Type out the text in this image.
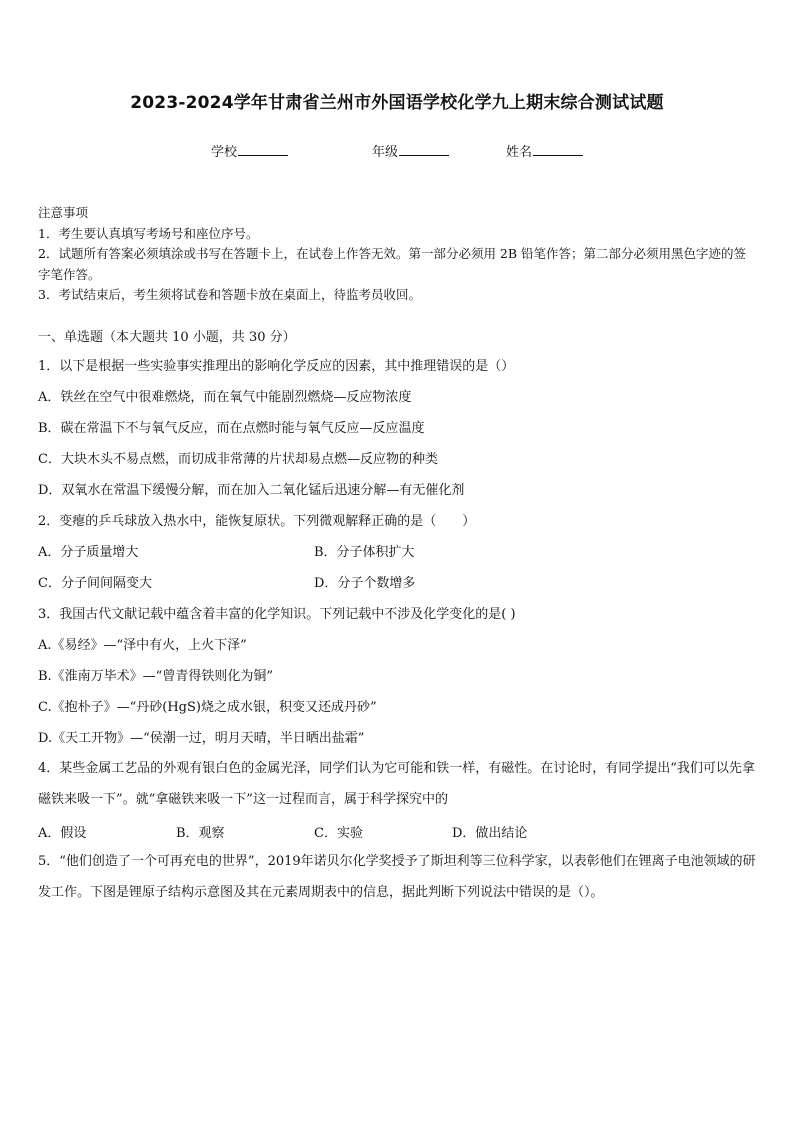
2023-2024学年甘肃省兰州市外国语学校化学九上期末综合测试试题
学校	年级	姓名
注意事项
1．考生要认真填写考场号和座位序号。
2．试题所有答案必须填涂或书写在答题卡上，在试卷上作答无效。第一部分必须用 2B 铅笔作答；第二部分必须用黑色字迹的签字笔作答。
3．考试结束后，考生须将试卷和答题卡放在桌面上，待监考员收回。
一、单选题（本大题共 10 小题，共 30 分）
1．以下是根据一些实验事实推理出的影响化学反应的因素，其中推理错误的是（）
A．铁丝在空气中很难燃烧，而在氧气中能剧烈燃烧—反应物浓度
B．碳在常温下不与氧气反应，而在点燃时能与氧气反应—反应温度
C．大块木头不易点燃，而切成非常薄的片状却易点燃—反应物的种类
D．双氧水在常温下缓慢分解，而在加入二氧化锰后迅速分解—有无催化剂
2．变瘪的乒乓球放入热水中，能恢复原状。下列微观解释正确的是（　　）
A．分子质量增大	B．分子体积扩大
C．分子间间隔变大	D．分子个数增多
3．我国古代文献记载中蕴含着丰富的化学知识。下列记载中不涉及化学变化的是( )
A.《易经》—“泽中有火，上火下泽”
B.《淮南万毕术》—“曾青得铁则化为铜”
C.《抱朴子》—“丹砂(HgS)烧之成水银，积变又还成丹砂”
D.《天工开物》—“侯潮一过，明月天晴，半日晒出盐霜”
4．某些金属工艺品的外观有银白色的金属光泽，同学们认为它可能和铁一样，有磁性。在讨论时，有同学提出“我们可以先拿磁铁来吸一下”。就“拿磁铁来吸一下”这一过程而言，属于科学探究中的
A．假设	B．观察	C．实验	D．做出结论
5．“他们创造了一个可再充电的世界”，2019年诺贝尔化学奖授予了斯坦利等三位科学家，以表彰他们在锂离子电池领域的研发工作。下图是锂原子结构示意图及其在元素周期表中的信息，据此判断下列说法中错误的是（）。
